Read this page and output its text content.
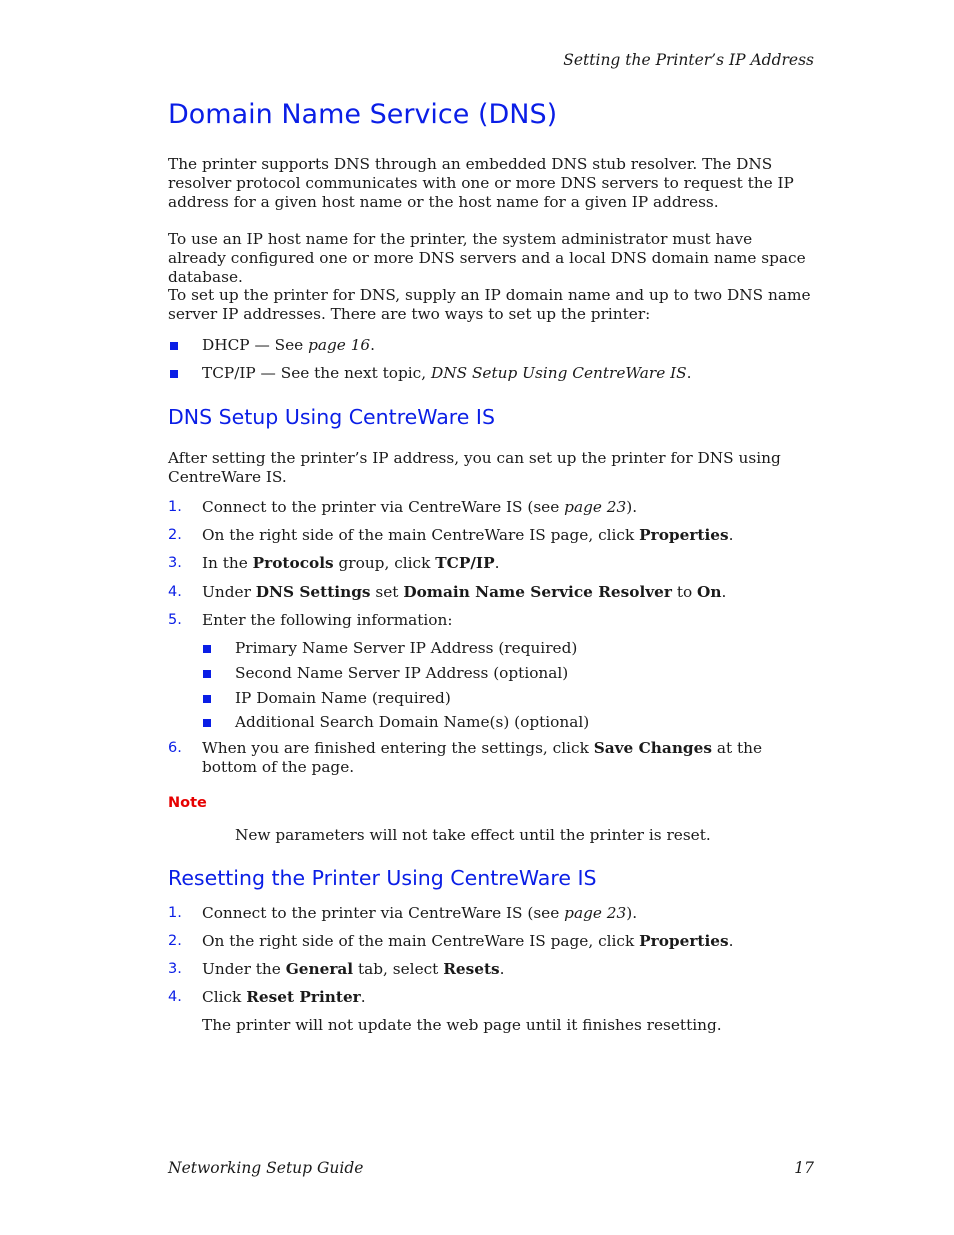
Setting the Printer’s IP Address
Domain Name Service (DNS)

The printer supports DNS through an embedded DNS stub resolver. The DNS resolver protocol communicates with one or more DNS servers to request the IP address for a given host name or the host name for a given IP address.

To use an IP host name for the printer, the system administrator must have already configured one or more DNS servers and a local DNS domain name space database.

To set up the printer for DNS, supply an IP domain name and up to two DNS name server IP addresses. There are two ways to set up the printer:

DHCP — See page 16.
TCP/IP — See the next topic, DNS Setup Using CentreWare IS.
DNS Setup Using CentreWare IS

After setting the printer’s IP address, you can set up the printer for DNS using CentreWare IS.

1. Connect to the printer via CentreWare IS (see page 23).
2. On the right side of the main CentreWare IS page, click Properties.
3. In the Protocols group, click TCP/IP.
4. Under DNS Settings set Domain Name Service Resolver to On.
5. Enter the following information:
Primary Name Server IP Address (required)
Second Name Server IP Address (optional)
IP Domain Name (required)
Additional Search Domain Name(s) (optional)
6. When you are finished entering the settings, click Save Changes at the bottom of the page.
Note
New parameters will not take effect until the printer is reset.
Resetting the Printer Using CentreWare IS
1. Connect to the printer via CentreWare IS (see page 23).
2. On the right side of the main CentreWare IS page, click Properties.
3. Under the General tab, select Resets.
4. Click Reset Printer.
The printer will not update the web page until it finishes resetting.
Networking Setup Guide	17
